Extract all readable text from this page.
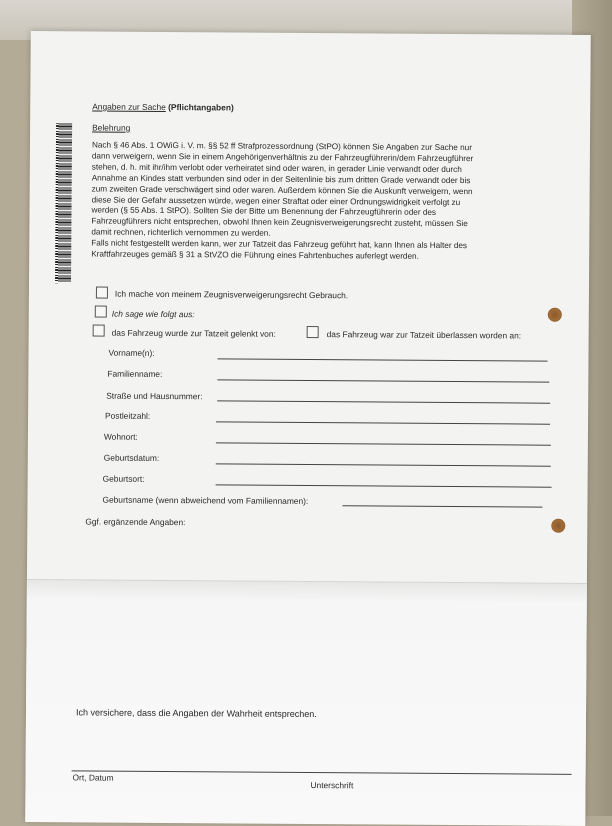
Angaben zur Sache (Pflichtangaben)
Belehrung
Nach § 46 Abs. 1 OWiG i. V. m. §§ 52 ff Strafprozessordnung (StPO) können Sie Angaben zur Sache nur
dann verweigern, wenn Sie in einem Angehörigenverhältnis zu der Fahrzeugführerin/dem Fahrzeugführer
stehen, d. h. mit ihr/ihm verlobt oder verheiratet sind oder waren, in gerader Linie verwandt oder durch
Annahme an Kindes statt verbunden sind oder in der Seitenlinie bis zum dritten Grade verwandt oder bis
zum zweiten Grade verschwägert sind oder waren. Außerdem können Sie die Auskunft verweigern, wenn
diese Sie der Gefahr aussetzen würde, wegen einer Straftat oder einer Ordnungswidrigkeit verfolgt zu
werden (§ 55 Abs. 1 StPO). Sollten Sie der Bitte um Benennung der Fahrzeugführerin oder des
Fahrzeugführers nicht entsprechen, obwohl Ihnen kein Zeugnisverweigerungsrecht zusteht, müssen Sie
damit rechnen, richterlich vernommen zu werden.
Falls nicht festgestellt werden kann, wer zur Tatzeit das Fahrzeug geführt hat, kann Ihnen als Halter des
Kraftfahrzeuges gemäß § 31 a StVZO die Führung eines Fahrtenbuches auferlegt werden.
Ich mache von meinem Zeugnisverweigerungsrecht Gebrauch.
Ich sage wie folgt aus:
das Fahrzeug wurde zur Tatzeit gelenkt von:	das Fahrzeug war zur Tatzeit überlassen worden an:
Vorname(n):
Familienname:
Straße und Hausnummer:
Postleitzahl:
Wohnort:
Geburtsdatum:
Geburtsort:
Geburtsname (wenn abweichend vom Familiennamen):
Ggf. ergänzende Angaben:
Ich versichere, dass die Angaben der Wahrheit entsprechen.
Ort, Datum
Unterschrift
